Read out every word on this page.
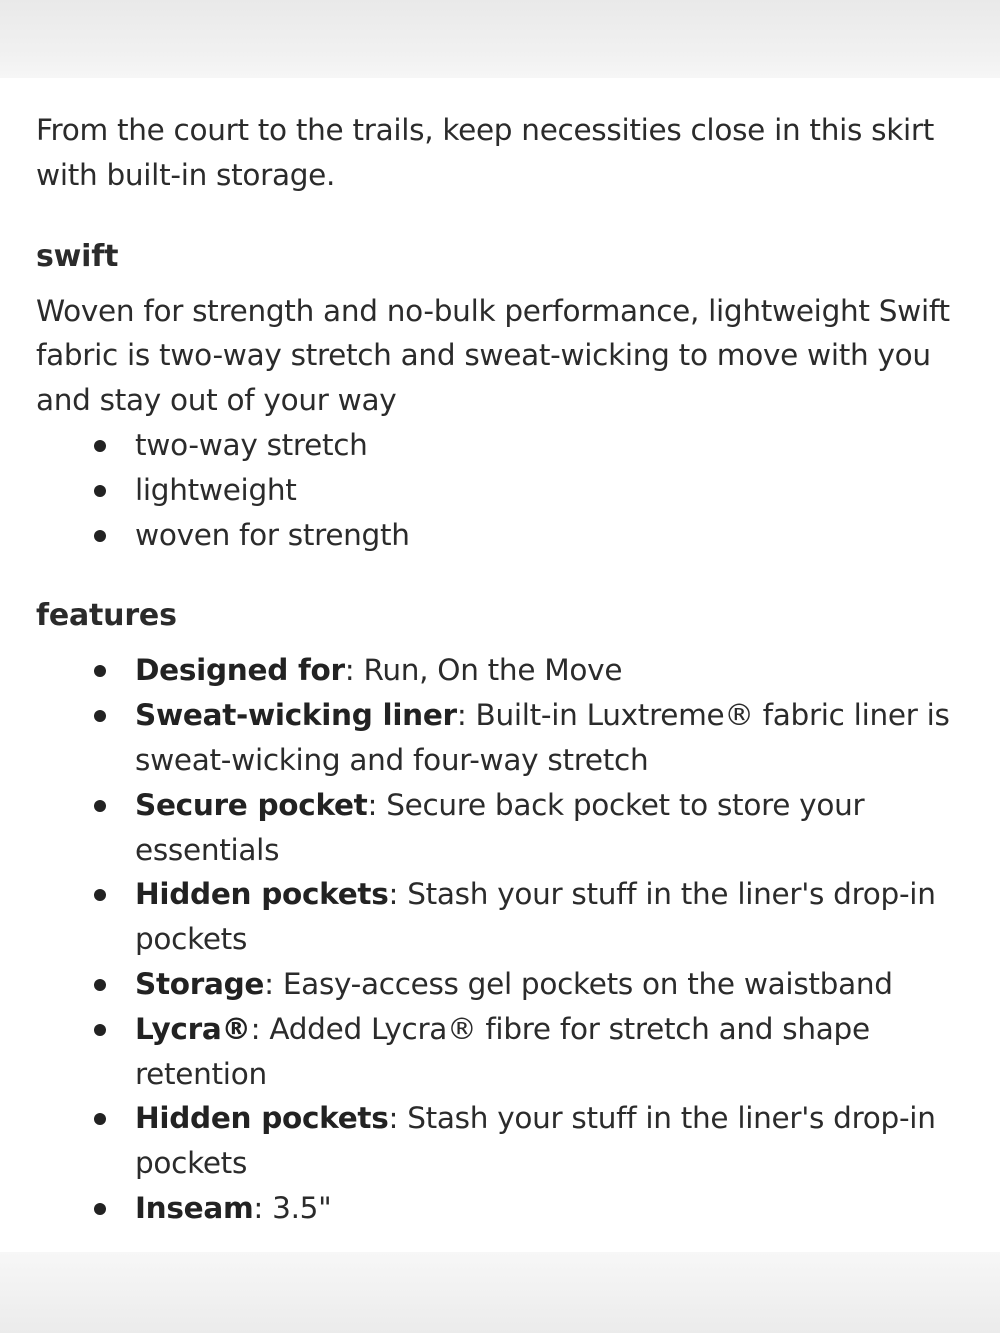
From the court to the trails, keep necessities close in this skirt with built-in storage.

swift

Woven for strength and no-bulk performance, lightweight Swift fabric is two-way stretch and sweat-wicking to move with you and stay out of your way

two-way stretch
lightweight
woven for strength
features
Designed for: Run, On the Move
Sweat-wicking liner: Built-in Luxtreme® fabric liner is sweat-wicking and four-way stretch
Secure pocket: Secure back pocket to store your essentials
Hidden pockets: Stash your stuff in the liner's drop-in pockets
Storage: Easy-access gel pockets on the waistband
Lycra®: Added Lycra® fibre for stretch and shape retention
Hidden pockets: Stash your stuff in the liner's drop-in pockets
Inseam: 3.5"
